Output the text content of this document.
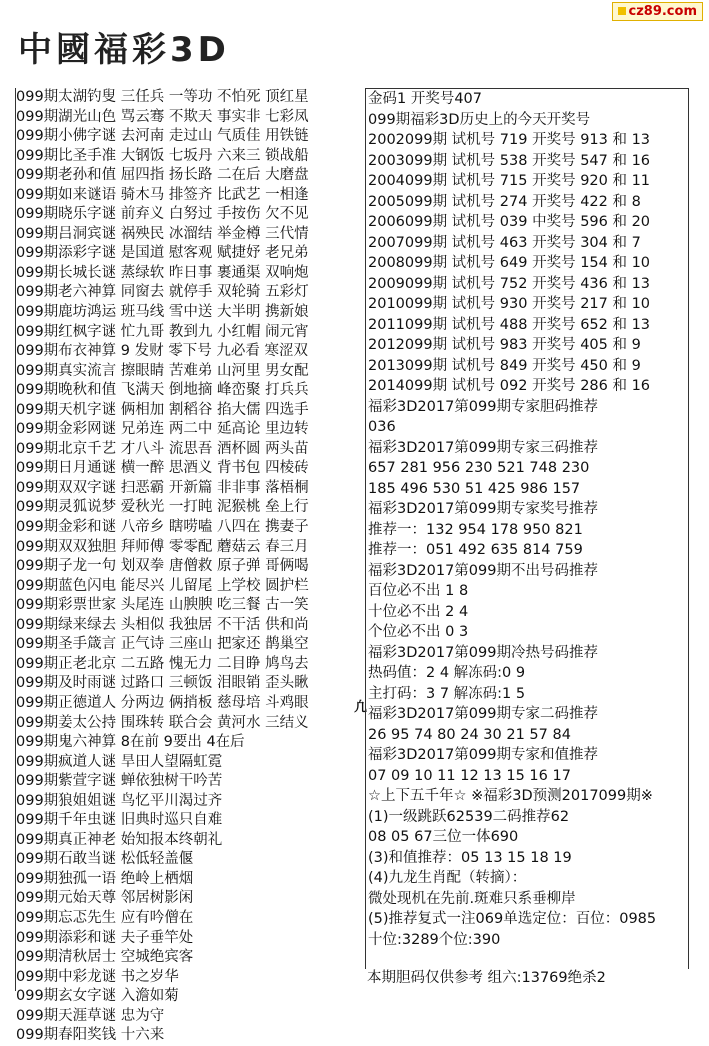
中國福彩3D
cz89.com
099期太湖钓叟 三任兵 一等功 不怕死 顶红星
099期湖光山色 骂云骞 不欺天 事实非 七彩凤
099期小佛字谜 去河南 走过山 气质佳 用铁链
099期比圣手准 大钢饭 七坂丹 六来三 锁战船
099期老孙和值 屈四指 扬长路 二在后 大磨盘
099期如来谜语 骑木马 排签齐 比武艺 一相逢
099期晓乐字谜 前弃义 白努过 手按伤 欠不见
099期吕洞宾谜 祸殃民 冰溜结 举金樽 三代情
099期添彩字谜 是国道 慰客观 赋捷妤 老兄弟
099期长城长谜 蒸绿软 昨日事 裹通渠 双响炮
099期老六神算 同窗去 就停手 双轮骑 五彩灯
099期鹿坊鸿运 班马线 雪中送 大半明 携新娘
099期红枫字谜 忙九哥 教到九 小红帽 闹元宵
099期布衣神算 9 发财 零下号 九必看 寒涩双
099期真实流言 擦眼睛 苦难弟 山河里 男女配
099期晚秋和值 飞满天 倒地摘 峰峦聚 打兵兵
099期天机字谜 俩相加 割稻谷 掐大儒 四选手
099期金彩网谜 兄弟连 两二中 延高论 里边转
099期北京千艺 才八斗 流思吾 酒杯圆 两头苗
099期日月通谜 横一醉 思酒义 背书包 四棱砖
099期双双字谜 扫恶霸 开新篇 非非事 落梧桐
099期灵狐说梦 爱秋光 一打盹 泥猴桃 垒上行
099期金彩和谜 八帝乡 瞎唠嗑 八四在 携妻子
099期双双独胆 拜师傅 零零配 蘑菇云 春三月
099期子龙一句 划双拳 唐僧救 原子弹 哥俩喝
099期蓝色闪电 能尽兴 儿留尾 上学校 圆护栏
099期彩票世家 头尾连 山腴腴 吃三餐 古一笑
099期绿来绿去 头相似 我独居 不干活 供和尚
099期圣手箴言 正气诗 三座山 把家还 鹊巢空
099期正老北京 二五路 愧无力 二目睁 鸠鸟去
099期及时雨谜 过路口 三顿饭 泪眼销 歪头瞅
099期正德道人 分两边 俩捎板 慈母培 斗鸡眼
099期姜太公持 围珠转 联合会 黄河水 三结义
099期鬼六神算 8在前 9要出 4在后
099期疯道人谜 旱田人望隔虹霓
099期紫萱字谜 蝉依独树干吟苦
099期狼姐姐谜 鸟忆平川渴过齐
099期千年虫谜 旧典时巡只自难
099期真正神老 始知报本终朝礼
099期石敢当谜 松低轻盖偃
099期独孤一语 绝岭上栖烟
099期元始天尊 邻居树影闲
099期忘忑先生 应有吟僧在
099期添彩和谜 夫子垂竿处
099期清秋居士 空城绝宾客
099期中彩龙谜 书之岁华
099期玄女字谜 入澹如菊
099期天涯草谜 忠为守
099期春阳奖钱 十六来
凢
金码1 开奖号407
099期福彩3D历史上的今天开奖号
2002099期 试机号 719 开奖号 913 和 13
2003099期 试机号 538 开奖号 547 和 16
2004099期 试机号 715 开奖号 920 和 11
2005099期 试机号 274 开奖号 422 和 8
2006099期 试机号 039 中奖号 596 和 20
2007099期 试机号 463 开奖号 304 和 7
2008099期 试机号 649 开奖号 154 和 10
2009099期 试机号 752 开奖号 436 和 13
2010099期 试机号 930 开奖号 217 和 10
2011099期 试机号 488 开奖号 652 和 13
2012099期 试机号 983 开奖号 405 和 9
2013099期 试机号 849 开奖号 450 和 9
2014099期 试机号 092 开奖号 286 和 16
福彩3D2017第099期专家胆码推荐
036
福彩3D2017第099期专家三码推荐
657 281 956 230 521 748 230
185 496 530 51 425 986 157
福彩3D2017第099期专家奖号推荐
推荐一：132 954 178 950 821
推荐一：051 492 635 814 759
福彩3D2017第099期不出号码推荐
百位必不出 1 8
十位必不出 2 4
个位必不出 0 3
福彩3D2017第099期冷热号码推荐
热码值：2 4 解冻码:0 9
主打码：3 7 解冻码:1 5
福彩3D2017第099期专家二码推荐
26 95 74 80 24 30 21 57 84
福彩3D2017第099期专家和值推荐
07 09 10 11 12 13 15 16 17
☆上下五千年☆ ※福彩3D预测2017099期※
(1)一级跳跃62539二码推荐62
08 05 67三位一体690
(3)和值推荐：05 13 15 18 19
(4)九龙生肖配（转摘）：
微处现机在先前.斑难只系垂柳岸
(5)推荐复式一注069单选定位：百位：0985
十位:3289个位:390
本期胆码仅供参考 组六:13769绝杀2
